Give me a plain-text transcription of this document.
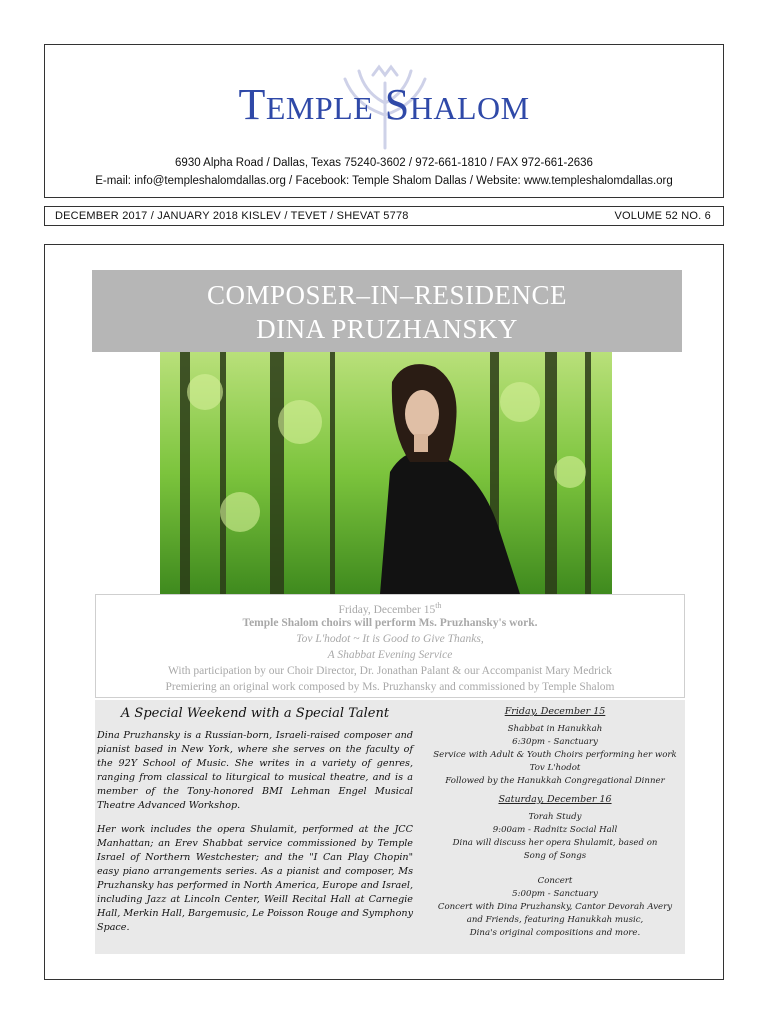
TEMPLE SHALOM
6930 Alpha Road / Dallas, Texas 75240-3602 / 972-661-1810 / FAX 972-661-2636
E-mail: info@templeshalomdallas.org / Facebook: Temple Shalom Dallas / Website: www.templeshalomdallas.org
DECEMBER 2017 / JANUARY 2018 KISLEV / TEVET / SHEVAT 5778	VOLUME 52 NO. 6
COMPOSER–IN–RESIDENCE
DINA PRUZHANSKY
Friday, December 15th
Temple Shalom choirs will perform Ms. Pruzhansky's work.
Tov L'hodot ~ It is Good to Give Thanks,
A Shabbat Evening Service
With participation by our Choir Director, Dr. Jonathan Palant & our Accompanist Mary Medrick
Premiering an original work composed by Ms. Pruzhansky and commissioned by Temple Shalom
A Special Weekend with a Special Talent

Dina Pruzhansky is a Russian-born, Israeli-raised composer and pianist based in New York, where she serves on the faculty of the 92Y School of Music. She writes in a variety of genres, ranging from classical to liturgical to musical theatre, and is a member of the Tony-honored BMI Lehman Engel Musical Theatre Advanced Workshop.

Her work includes the opera Shulamit, performed at the JCC Manhattan; an Erev Shabbat service commissioned by Temple Israel of Northern Westchester; and the "I Can Play Chopin" easy piano arrangements series. As a pianist and composer, Ms Pruzhansky has performed in North America, Europe and Israel, including Jazz at Lincoln Center, Weill Recital Hall at Carnegie Hall, Merkin Hall, Bargemusic, Le Poisson Rouge and Symphony Space.

Friday, December 15
Shabbat in Hanukkah
6:30pm - Sanctuary
Service with Adult & Youth Choirs performing her work
Tov L'hodot
Followed by the Hanukkah Congregational Dinner
Saturday, December 16
Torah Study
9:00am - Radnitz Social Hall
Dina will discuss her opera Shulamit, based on
Song of Songs
Concert
5:00pm - Sanctuary
Concert with Dina Pruzhansky, Cantor Devorah Avery
and Friends, featuring Hanukkah music,
Dina's original compositions and more.
